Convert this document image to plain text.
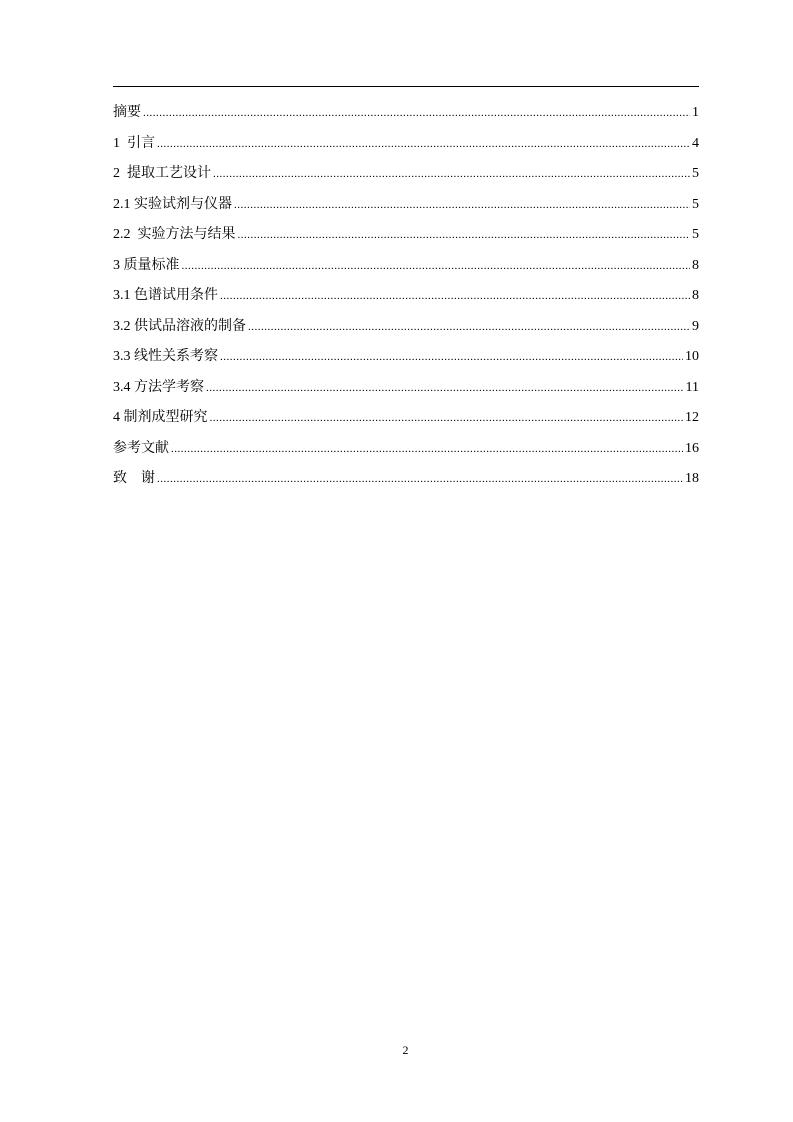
摘要 .....	1
1  引言 .....	4
2  提取工艺设计 .....	5
2.1 实验试剂与仪器 .....	5
2.2  实验方法与结果 .....	5
3 质量标准 .....	8
3.1 色谱试用条件 .....	8
3.2 供试品溶液的制备 .....	9
3.3 线性关系考察 .....	10
3.4 方法学考察 .....	11
4 制剂成型研究 .....	12
参考文献 .....	16
致    谢 .....	18
2
